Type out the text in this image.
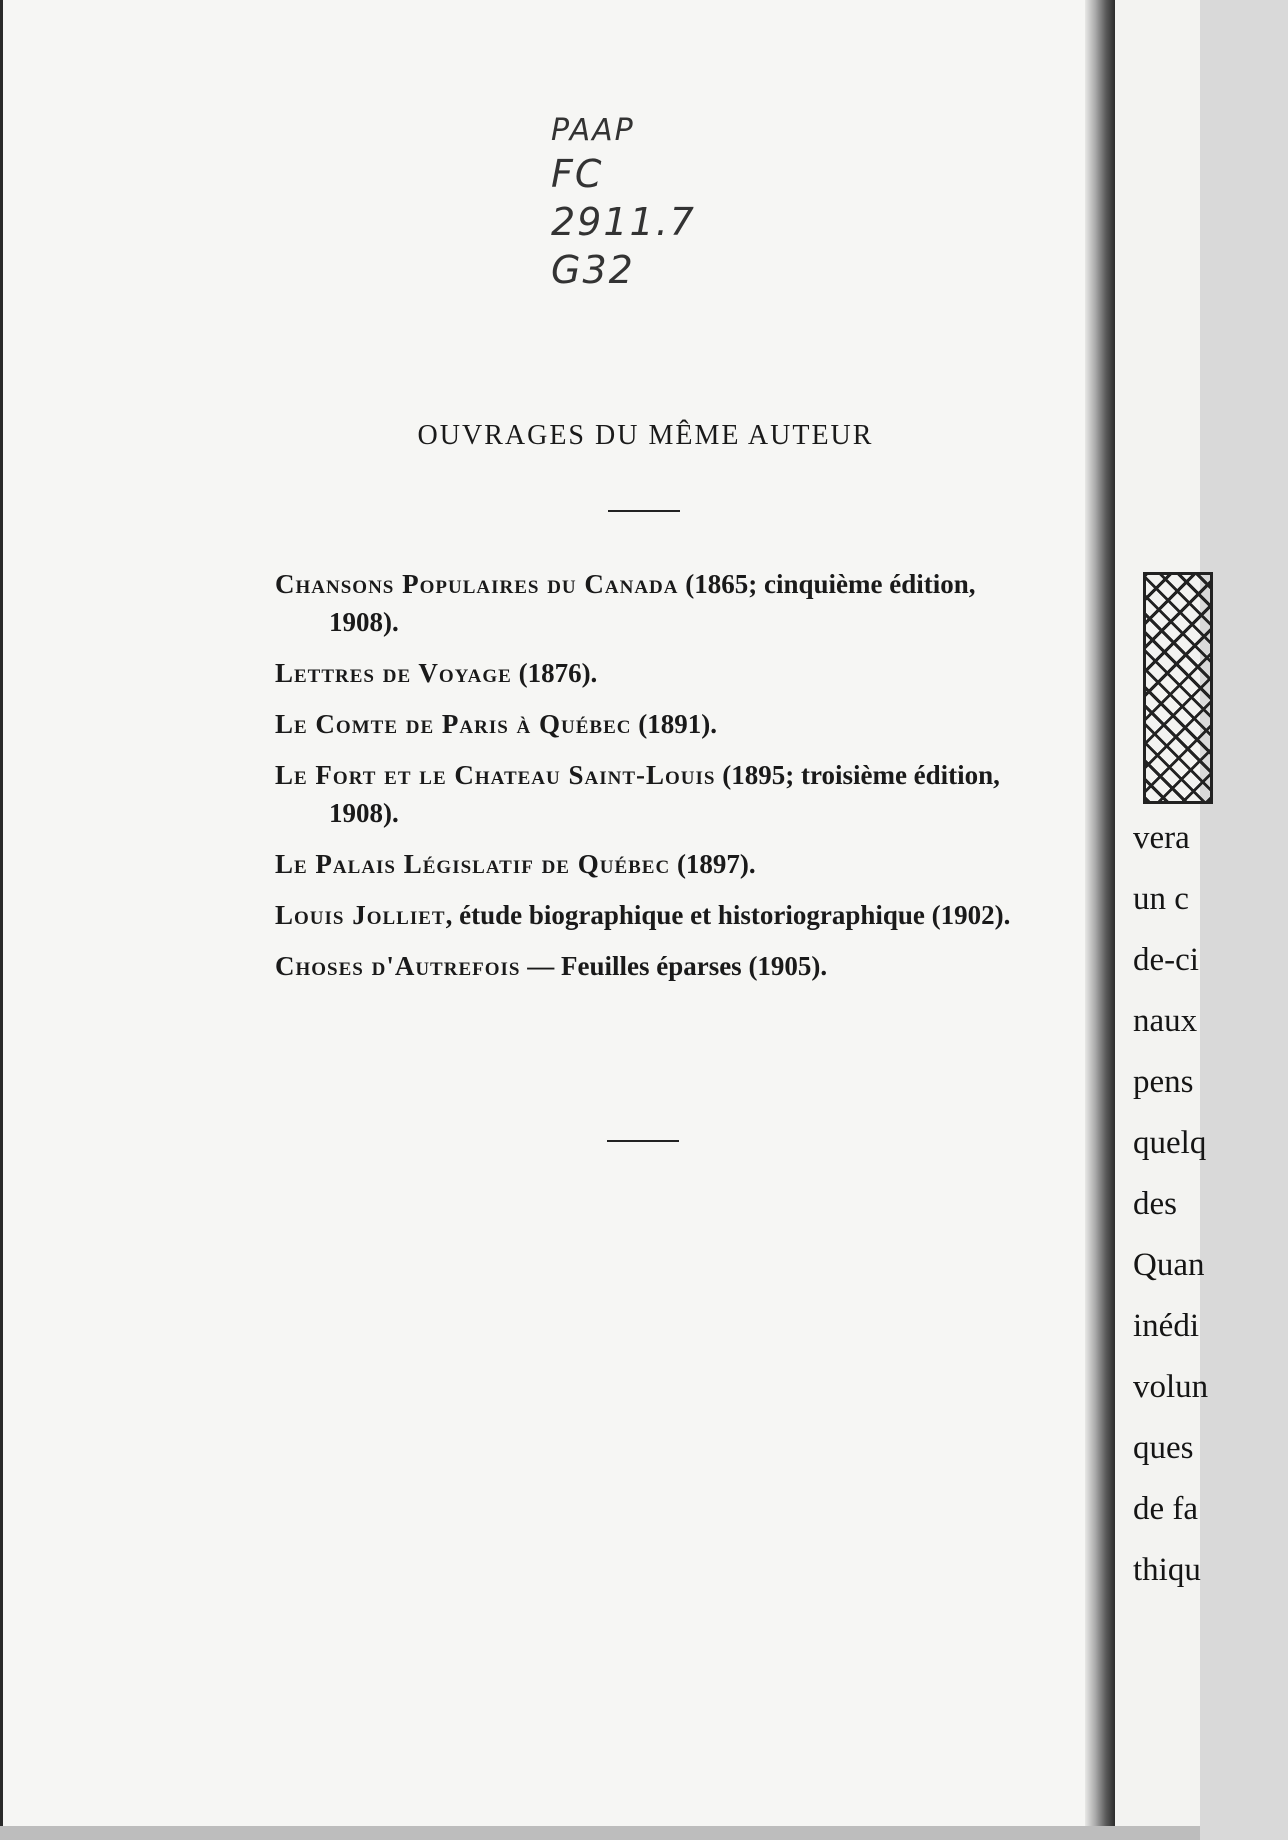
PAAP
FC
2911.7
G32
OUVRAGES DU MÊME AUTEUR
Chansons Populaires du Canada (1865; cinquième édition, 1908).
Lettres de Voyage (1876).
Le Comte de Paris à Québec (1891).
Le Fort et le Chateau Saint-Louis (1895; troisième édition, 1908).
Le Palais Législatif de Québec (1897).
Louis Jolliet, étude biographique et historiographique (1902).
Choses d'Autrefois — Feuilles éparses (1905).
vera
un c
de-ci
naux
pens
quelq
des
Quan
inédi
volun
ques
de fa
thiqu
